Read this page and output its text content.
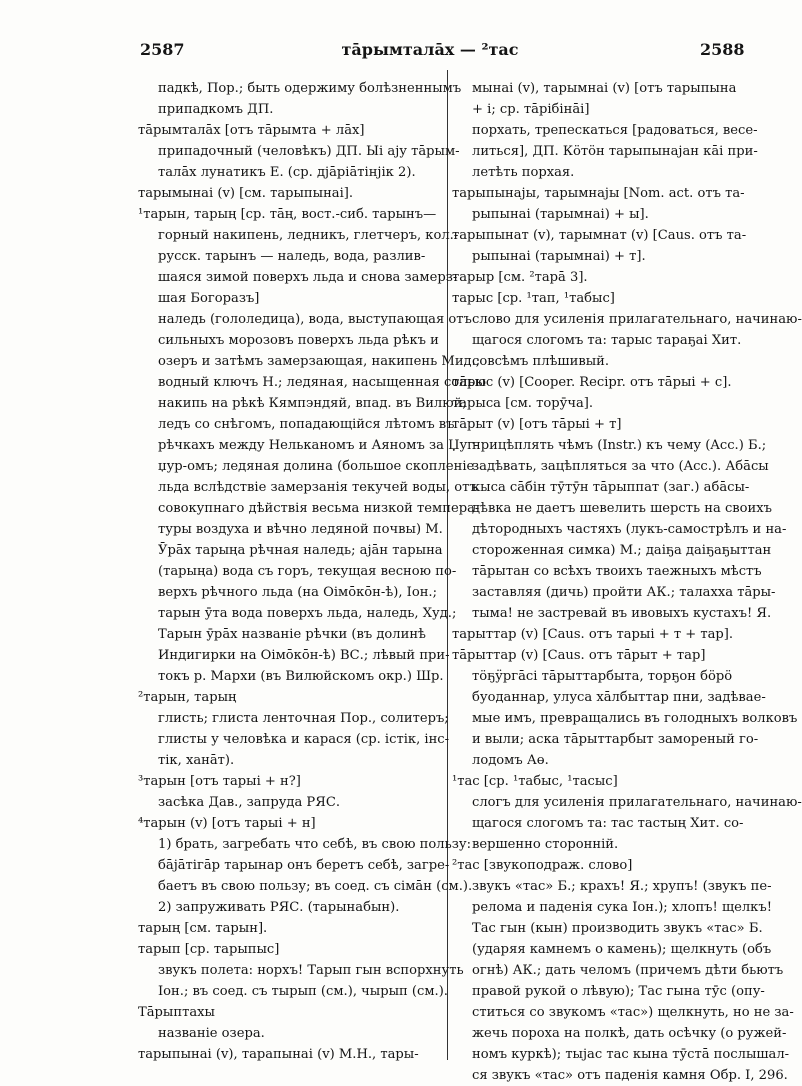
2587	тāрымталāх — ²тас	2588
падкѣ, Пор.; быть одержиму болѣзненнымъ
припадкомъ ДП.
тāрымталāх [отъ тāрымта + лāх]
припадочный (человѣкъ) ДП. Ыі ају тāрым-
талāх лунатикъ Е. (ср. дјāрiāтiнјiк 2).
тарымынаі (v) [см. тарыпынаі].
¹тарын, тарың [ср. тāң, вост.-сиб. тарынъ—
горный накипень, ледникъ, глетчеръ, кол.-
русск. тарынъ — наледь, вода, разлив-
шаяся зимой поверхъ льда и снова замерз-
шая Богоразъ]
наледь (гололедица), вода, выступающая отъ
сильныхъ морозовъ поверхъ льда рѣкъ и
озеръ и затѣмъ замерзающая, накипень Мид.;
водный ключъ Н.; ледяная, насыщенная солью
накипь на рѣкѣ Кямпэндяй, впад. въ Вилюй;
ледъ со снѣгомъ, попадающійся лѣтомъ въ
рѣчкахъ между Нельканомъ и Аяномъ за Џуг-
џур-омъ; ледяная долина (большое скопленіе
льда вслѣдствіе замерзанія текучей воды, отъ
совокупнаго дѣйствія весьма низкой темпера-
туры воздуха и вѣчно ледяной почвы) М.
Ӯрāх тарыңа рѣчная наледь; ајāн тарына
(тарыңа) вода съ горъ, текущая весною по-
верхъ рѣчного льда (на Оiмōкōн-ѣ), Іон.;
тарын ӯта вода поверхъ льда, наледь, Худ.;
Тарын ӯрāх названіе рѣчки (въ долинѣ
Индигирки на Оiмōкōн-ѣ) ВС.; лѣвый при-
токъ р. Мархи (въ Вилюйскомъ окр.) Шр.
²тарын, тарың
глисть; глиста ленточная Пор., солитеръ;
глисты у человѣка и карася (ср. iстiк, iнс-
тiк, ханāт).
³тарын [отъ тарыі + н?]
засѣка Дав., запруда РЯС.
⁴тарын (v) [отъ тарыі + н]
1) брать, загребать что себѣ, въ свою пользу:
бāјāтiгāр тарынар онъ беретъ себѣ, загре-
баетъ въ свою пользу; въ соед. съ сiмāн (см.).
2) запруживать РЯС. (тарынабын).
тарың [см. тарын].
тарып [ср. тарыпыс]
звукъ полета: норхъ! Тарып гын вспорхнуть
Іон.; въ соед. съ тырып (см.), чырып (см.).
Тāрыптахы
названіе озера.
тарыпынаі (v), тарапынаі (v) М.Н., тары-
мынаі (v), тарымнаі (v) [отъ тарыпына
+ i; ср. тāрiбiнāi]
порхать, трепескаться [радоваться, весе-
литься], ДП. Кӧтӧн тарыпынајан кāi при-
летѣть порхая.
тарыпынајы, тарымнајы [Nom. act. отъ та-
рыпынаі (тарымнаі) + ы].
тарыпынат (v), тарымнат (v) [Caus. отъ та-
рыпынаі (тарымнаі) + т].
тарыр [см. ²тарā 3].
тарыс [ср. ¹тап, ¹табыс]
слово для усиленія прилагательнаго, начинаю-
щагося слогомъ та: тарыс тараҕаі Хит.
совсѣмъ плѣшивый.
тāрыс (v) [Coo⁠per. Recipr. отъ тāрыі + с].
тарыса [см. торӯча].
тāрыт (v) [отъ тāрыі + т]
прицѣплять чѣмъ (Instr.) къ чему (Acc.) Б.;
задѣвать, зацѣпляться за что (Acc.). Абāсы
кыса сāбiн тӯтӯн тāрыппат (заг.) абāсы-
дѣвка не даетъ шевелить шерсть на своихъ
дѣтородныхъ частяхъ (лукъ-самострѣлъ и на-
стороженная симка) М.; даiҕа даiҕаҕыттан
тāрытан со всѣхъ твоихъ таежныхъ мѣстъ
заставляя (дичь) пройти АК.; талахха тāры-
тыма! не застревай въ ивовыхъ кустахъ! Я.
тарыттар (v) [Caus. отъ тарыі + т + тар].
тāрыттар (v) [Caus. отъ тāрыт + тар]
тӧҕӱргāсi тāрыттарбыта, торҕон бӧрӧ
буоданнар, улуса хāлбыттар пни, задѣвае-
мые имъ, превращались въ голодныхъ волковъ
и выли; аска тāрыттарбыт замореный го-
лодомъ Аө.
¹тас [ср. ¹табыс, ¹тасыс]
слогъ для усиленія прилагательнаго, начинаю-
щагося слогомъ та: тас тастың Хит. со-
вершенно сторонній.
²тас [звукоподраж. слово]
звукъ «тас» Б.; крахъ! Я.; хрупъ! (звукъ пе-
релома и паденія сука Іон.); хлопъ! щелкъ!
Тас гын (кын) производить звукъ «тас» Б.
(ударяя камнемъ о камень); щелкнуть (объ
огнѣ) АК.; дать челомъ (причемъ дѣти бьютъ
правой рукой о лѣвую); Тас гына тӯс (опу-
ститься со звукомъ «тас») щелкнуть, но не за-
жечь пороха на полкѣ, дать осѣчку (о ружей-
номъ куркѣ); тыјас тас кына тӯстā послышал-
ся звукъ «тас» отъ паденія камня Обр. I, 296.
